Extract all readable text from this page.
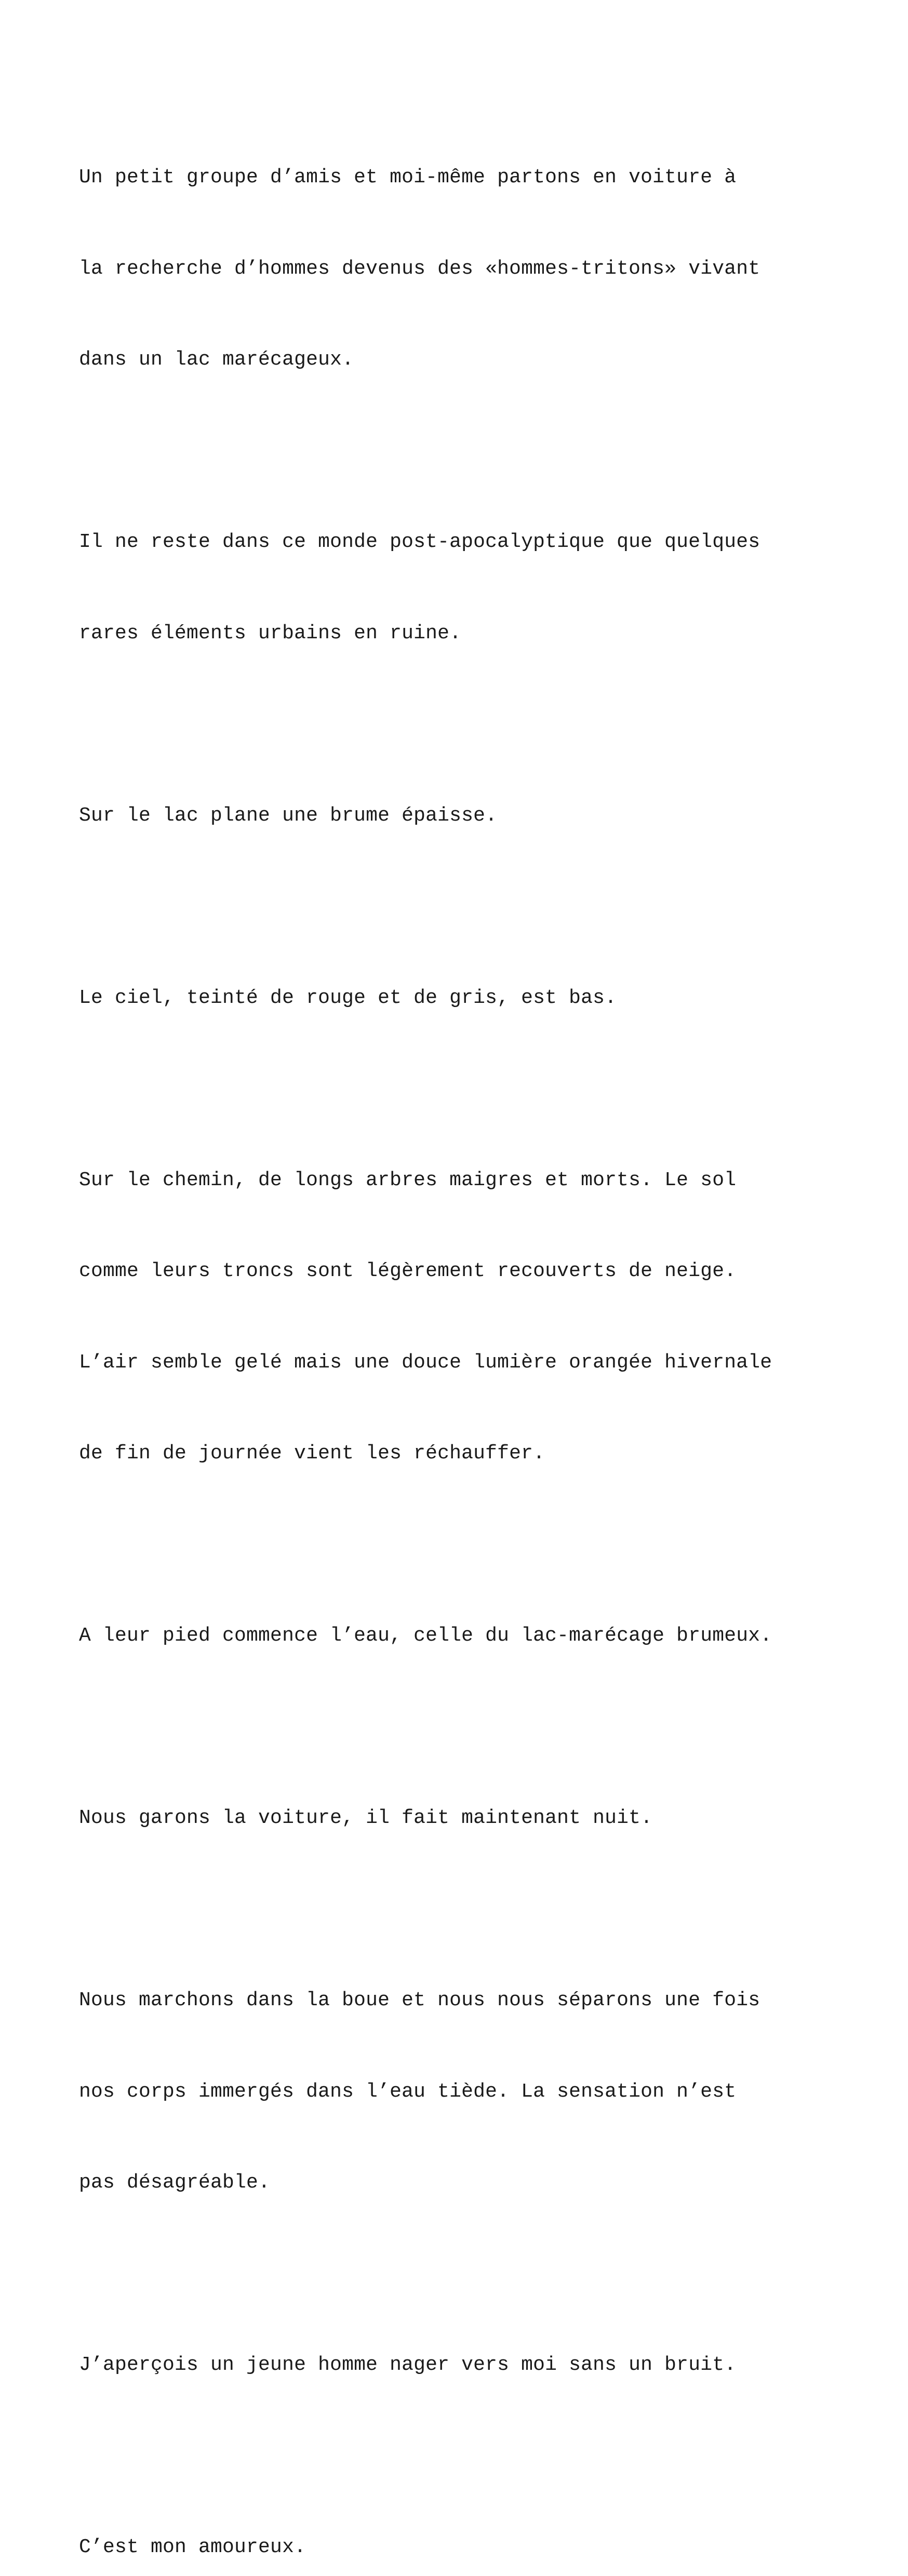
Un petit groupe d’amis et moi-même partons en voiture à

la recherche d’hommes devenus des «hommes-tritons» vivant

dans un lac marécageux.

Il ne reste dans ce monde post-apocalyptique que quelques

rares éléments urbains en ruine.

Sur le lac plane une brume épaisse.

Le ciel, teinté de rouge et de gris, est bas.

Sur le chemin, de longs arbres maigres et morts. Le sol

comme leurs troncs sont légèrement recouverts de neige.

L’air semble gelé mais une douce lumière orangée hivernale

de fin de journée vient les réchauffer.

A leur pied commence l’eau, celle du lac-marécage brumeux.

Nous garons la voiture, il fait maintenant nuit.

Nous marchons dans la boue et nous nous séparons une fois

nos corps immergés dans l’eau tiède. La sensation n’est

pas désagréable.

J’aperçois un jeune homme nager vers moi sans un bruit.

C’est mon amoureux.
